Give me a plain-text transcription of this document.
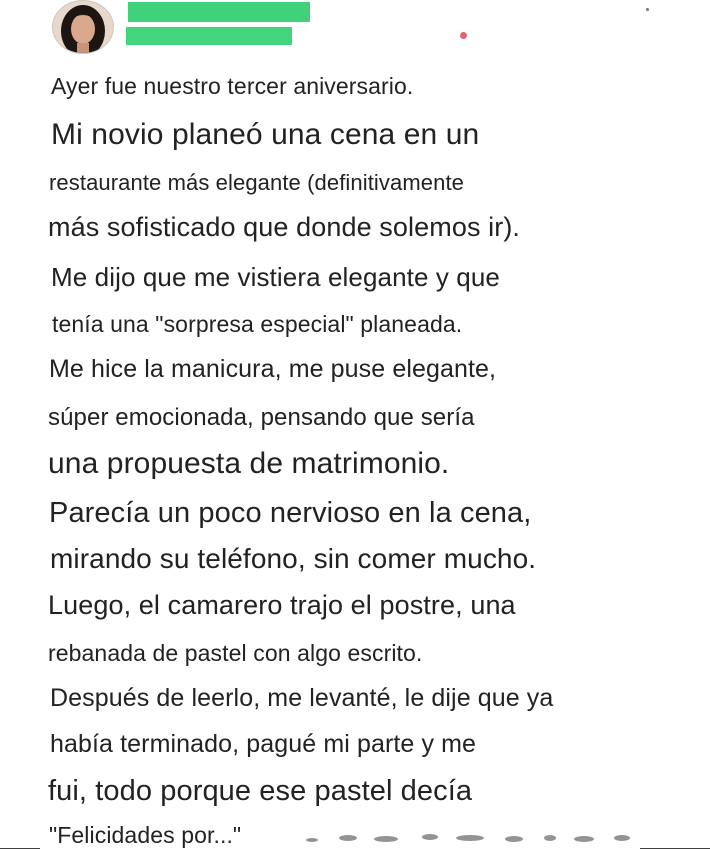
Ayer fue nuestro tercer aniversario.
Mi novio planeó una cena en un
restaurante más elegante (definitivamente
más sofisticado que donde solemos ir).
Me dijo que me vistiera elegante y que
tenía una "sorpresa especial" planeada.
Me hice la manicura, me puse elegante,
súper emocionada, pensando que sería
una propuesta de matrimonio.
Parecía un poco nervioso en la cena,
mirando su teléfono, sin comer mucho.
Luego, el camarero trajo el postre, una
rebanada de pastel con algo escrito.
Después de leerlo, me levanté, le dije que ya
había terminado, pagué mi parte y me
fui, todo porque ese pastel decía
"Felicidades por..."
